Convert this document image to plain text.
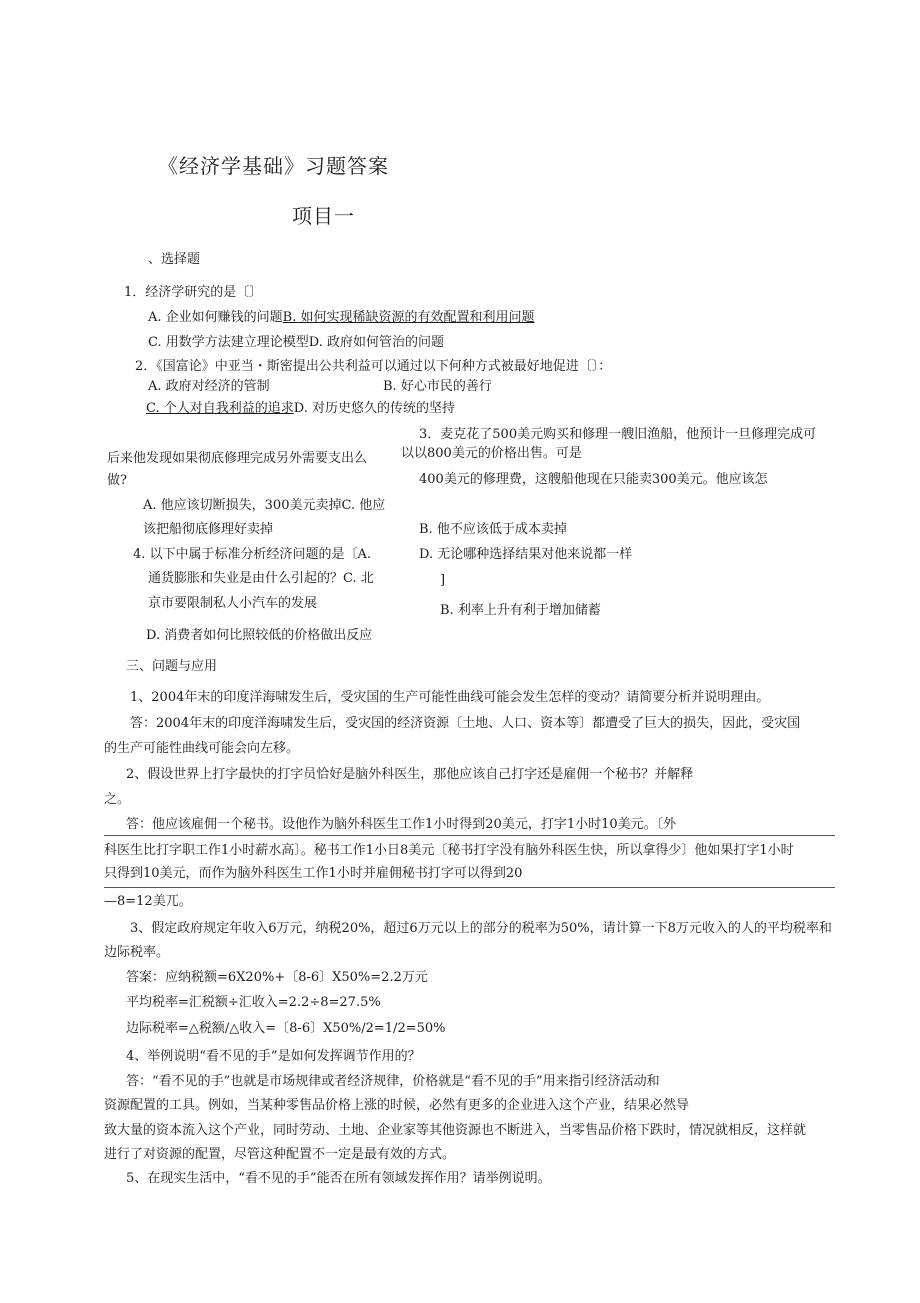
《经济学基础》习题答案
项目一
、选择题
1．经济学研究的是〔〕
A. 企业如何赚钱的问题B. 如何实现稀缺资源的有效配置和利用问题
C. 用数学方法建立理论模型D. 政府如何管治的问题
2．《国富论》中亚当・斯密提出公共利益可以通过以下何种方式被最好地促进〔〕：
A. 政府对经济的管制	B. 好心市民的善行
C. 个人对自我利益的追求D. 对历史悠久的传统的坚持
3．麦克花了500美元购买和修理一艘旧渔船，他预计一旦修理完成可
以以800美元的价格出售。可是
后来他发现如果彻底修理完成另外需要支出么
做?	400美元的修理费，这艘船他现在只能卖300美元。他应该怎
A. 他应该切断损失，300美元卖掉C. 他应
该把船彻底修理好卖掉	B. 他不应该低于成本卖掉
4. 以下中属于标准分析经济问题的是〔A.	D. 无论哪种选择结果对他来说都一样
通货膨胀和失业是由什么引起的？C. 北	]
京市要限制私人小汽车的发展	B. 利率上升有利于增加储蓄
D. 消费者如何比照较低的价格做出反应
三、问题与应用
1、2004年末的印度洋海啸发生后，受灾国的生产可能性曲线可能会发生怎样的变动？请简要分析并说明理由。
答：2004年末的印度洋海啸发生后，受灾国的经济资源〔土地、人口、资本等〕都遭受了巨大的损失，因此，受灾国
的生产可能性曲线可能会向左移。
2、假设世界上打字最快的打字员恰好是脑外科医生，那他应该自己打字还是雇佣一个秘书？并解释
之。
答：他应该雇佣一个秘书。设他作为脑外科医生工作1小时得到20美元，打字1小时10美元。〔外
科医生比打字职工作1小时薪水高〕。秘书工作1小日8美元〔秘书打字没有脑外科医生快，所以拿得少〕他如果打字1小时
只得到10美元，而作为脑外科医生工作1小时并雇佣秘书打字可以得到20
—8=12美兀。
3、假定政府规定年收入6万元，纳税20%，超过6万元以上的部分的税率为50%，请计算一下8万元收入的人的平均税率和
边际税率。
答案：应纳税额=6X20%+〔8-6〕X50%=2.2万元
平均税率=汇税额÷汇收入=2.2÷8=27.5%
边际税率=△税额/△收入=〔8-6〕X50%/2=1/2=50%
4、举例说明“看不见的手”是如何发挥调节作用的？
答：“看不见的手”也就是市场规律或者经济规律，价格就是“看不见的手”用来指引经济活动和
资源配置的工具。例如，当某种零售品价格上涨的时候，必然有更多的企业进入这个产业，结果必然导
致大量的资本流入这个产业，同时劳动、土地、企业家等其他资源也不断进入，当零售品价格下跌时，情况就相反，这样就
进行了对资源的配置，尽管这种配置不一定是最有效的方式。
5、在现实生活中，“看不见的手”能否在所有领域发挥作用？请举例说明。
